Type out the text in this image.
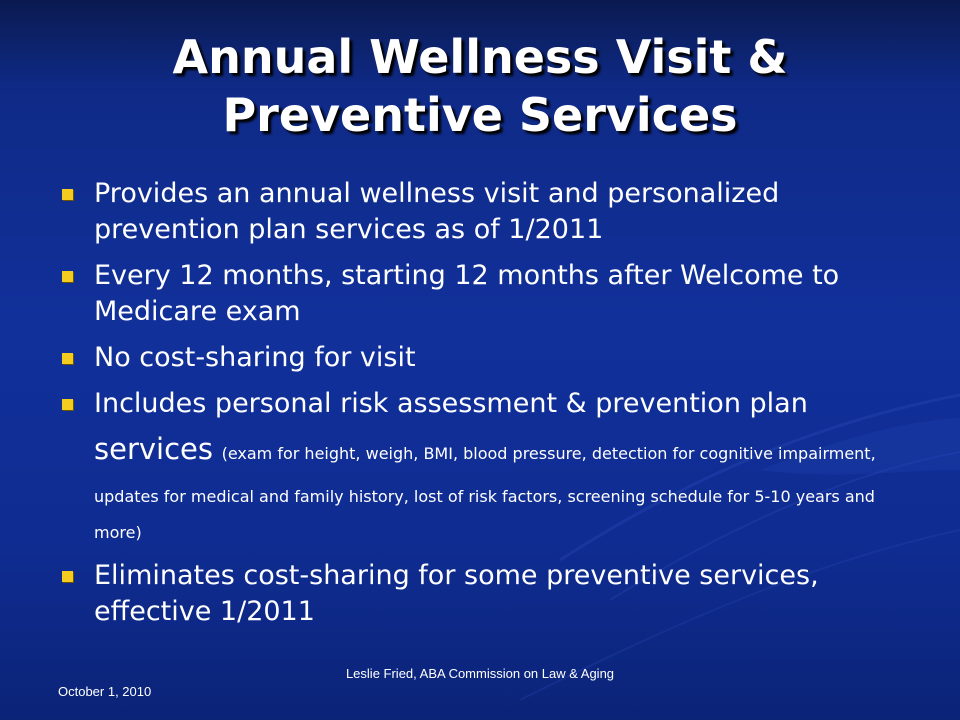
Annual Wellness Visit &
Preventive Services
Provides an annual wellness visit and personalized prevention plan services as of 1/2011
Every 12 months, starting 12 months after Welcome to Medicare exam
No cost-sharing for visit
Includes personal risk assessment & prevention plan services (exam for height, weigh, BMI, blood pressure, detection for cognitive impairment, updates for medical and family history, lost of risk factors, screening schedule for 5-10 years and more)
Eliminates cost-sharing for some preventive services, effective 1/2011
October 1, 2010
Leslie Fried, ABA Commission on Law & Aging
